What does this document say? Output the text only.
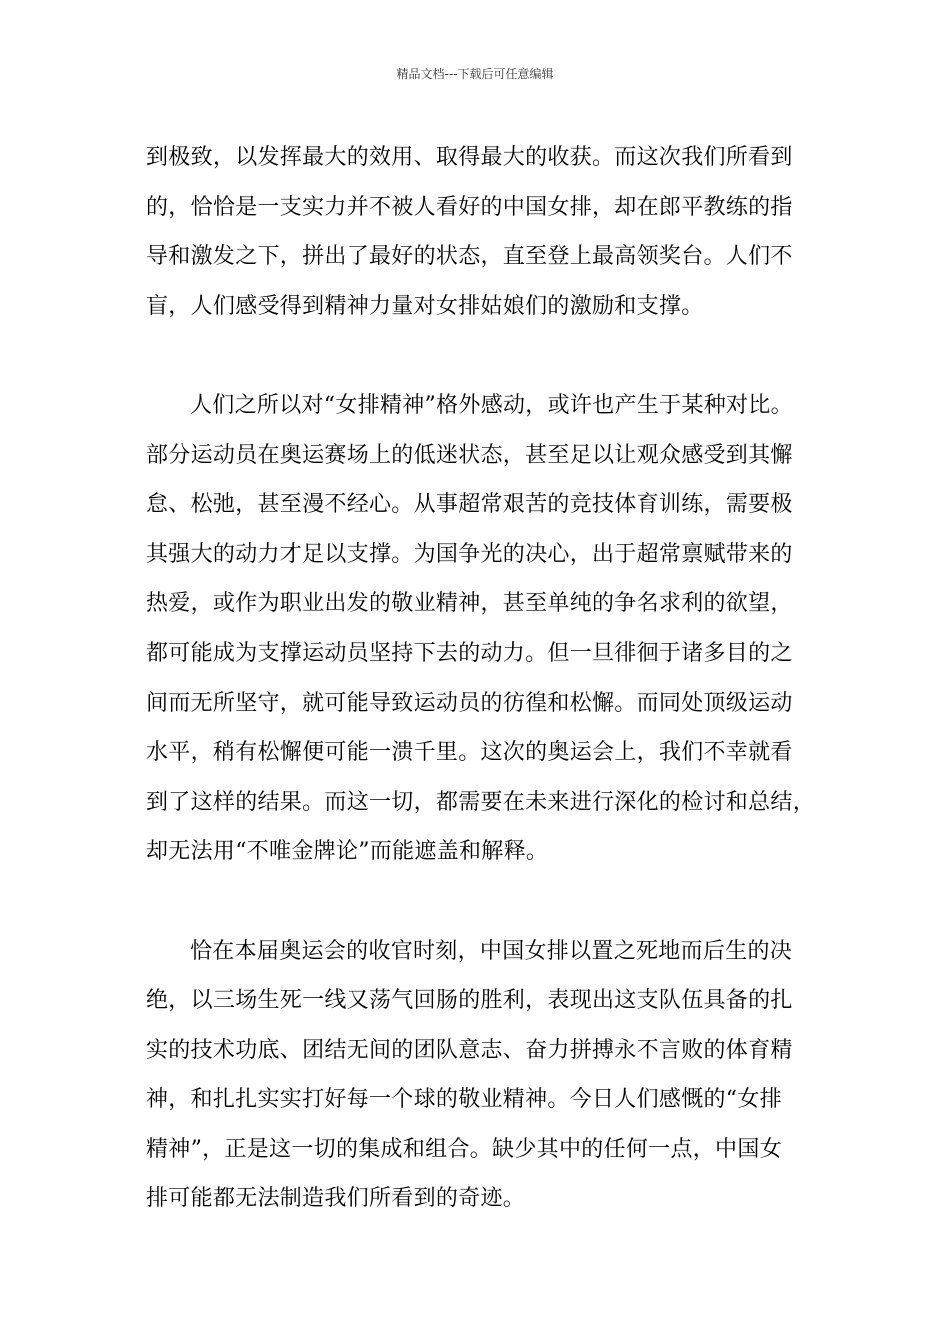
精品文档---下载后可任意编辑
到极致，以发挥最大的效用、取得最大的收获。而这次我们所看到
的，恰恰是一支实力并不被人看好的中国女排，却在郎平教练的指
导和激发之下，拼出了最好的状态，直至登上最高领奖台。人们不
盲，人们感受得到精神力量对女排姑娘们的激励和支撑。
人们之所以对“女排精神”格外感动，或许也产生于某种对比。
部分运动员在奥运赛场上的低迷状态，甚至足以让观众感受到其懈
怠、松弛，甚至漫不经心。从事超常艰苦的竞技体育训练，需要极
其强大的动力才足以支撑。为国争光的决心，出于超常禀赋带来的
热爱，或作为职业出发的敬业精神，甚至单纯的争名求利的欲望，
都可能成为支撑运动员坚持下去的动力。但一旦徘徊于诸多目的之
间而无所坚守，就可能导致运动员的彷徨和松懈。而同处顶级运动
水平，稍有松懈便可能一溃千里。这次的奥运会上，我们不幸就看
到了这样的结果。而这一切，都需要在未来进行深化的检讨和总结，
却无法用“不唯金牌论”而能遮盖和解释。
恰在本届奥运会的收官时刻，中国女排以置之死地而后生的决
绝，以三场生死一线又荡气回肠的胜利，表现出这支队伍具备的扎
实的技术功底、团结无间的团队意志、奋力拼搏永不言败的体育精
神，和扎扎实实打好每一个球的敬业精神。今日人们感慨的“女排
精神”，正是这一切的集成和组合。缺少其中的任何一点，中国女
排可能都无法制造我们所看到的奇迹。
